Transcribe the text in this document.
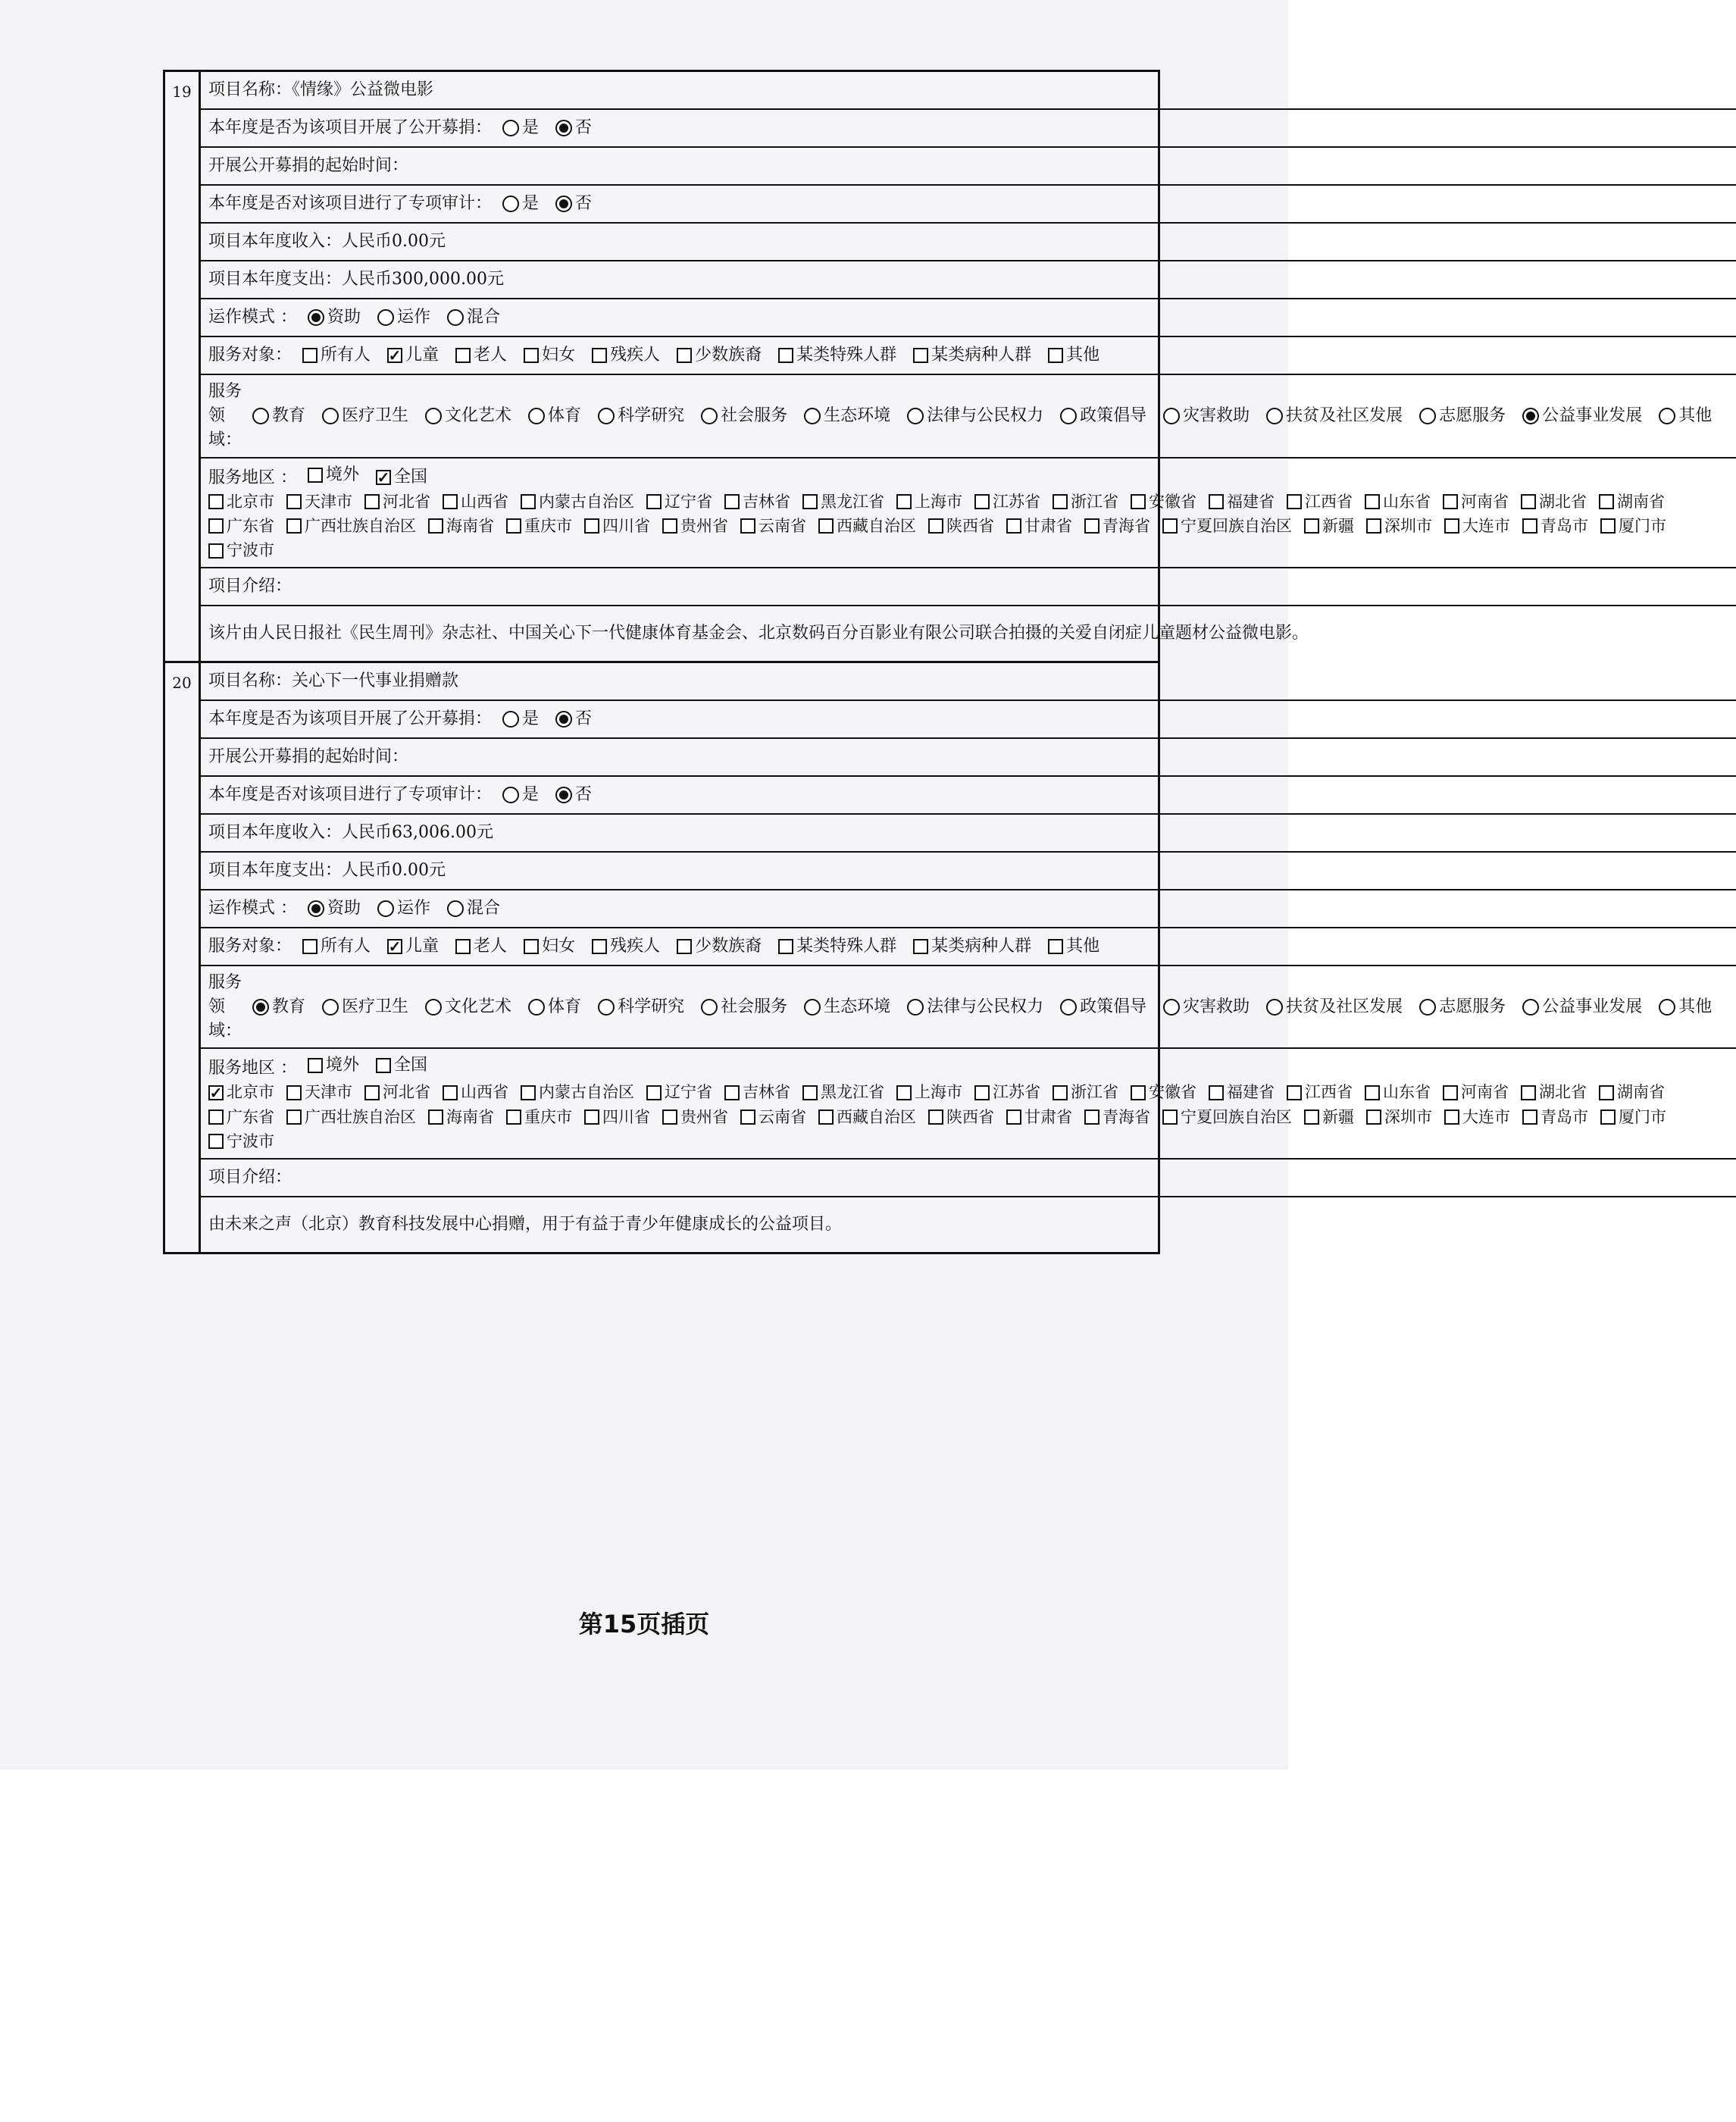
19	项目名称：《情缘》公益微电影
本年度是否为该项目开展了公开募捐： 是 否
开展公开募捐的起始时间：
本年度是否对该项目进行了专项审计： 是 否
项目本年度收入：人民币0.00元
项目本年度支出：人民币300,000.00元
运作模式 ： 资助 运作 混合
服务对象： 所有人 ✓ 儿童 老人 妇女 残疾人 少数族裔 某类特殊人群 某类病种人群 其他
服务领域：
教育 医疗卫生 文化艺术 体育 科学研究 社会服务 生态环境 法律与公民权力 政策倡导 灾害救助 扶贫及社区发展 志愿服务 公益事业发展 其他
服务地区 ： 境外 ✓ 全国
北京市 天津市 河北省 山西省 内蒙古自治区 辽宁省 吉林省 黑龙江省 上海市 江苏省 浙江省 安徽省 福建省 江西省 山东省 河南省 湖北省 湖南省
广东省 广西壮族自治区 海南省 重庆市 四川省 贵州省 云南省 西藏自治区 陕西省 甘肃省 青海省 宁夏回族自治区 新疆 深圳市 大连市 青岛市 厦门市
宁波市
项目介绍：
该片由人民日报社《民生周刊》杂志社、中国关心下一代健康体育基金会、北京数码百分百影业有限公司联合拍摄的关爱自闭症儿童题材公益微电影。
20	项目名称：关心下一代事业捐赠款
本年度是否为该项目开展了公开募捐： 是 否
开展公开募捐的起始时间：
本年度是否对该项目进行了专项审计： 是 否
项目本年度收入：人民币63,006.00元
项目本年度支出：人民币0.00元
运作模式 ： 资助 运作 混合
服务对象： 所有人 ✓ 儿童 老人 妇女 残疾人 少数族裔 某类特殊人群 某类病种人群 其他
服务领域：
教育 医疗卫生 文化艺术 体育 科学研究 社会服务 生态环境 法律与公民权力 政策倡导 灾害救助 扶贫及社区发展 志愿服务 公益事业发展 其他
服务地区 ： 境外 全国
✓
北京市 天津市 河北省 山西省 内蒙古自治区 辽宁省 吉林省 黑龙江省 上海市 江苏省 浙江省 安徽省 福建省 江西省 山东省 河南省 湖北省 湖南省
广东省 广西壮族自治区 海南省 重庆市 四川省 贵州省 云南省 西藏自治区 陕西省 甘肃省 青海省 宁夏回族自治区 新疆 深圳市 大连市 青岛市 厦门市
宁波市
项目介绍：
由未来之声（北京）教育科技发展中心捐赠，用于有益于青少年健康成长的公益项目。
第15页插页
